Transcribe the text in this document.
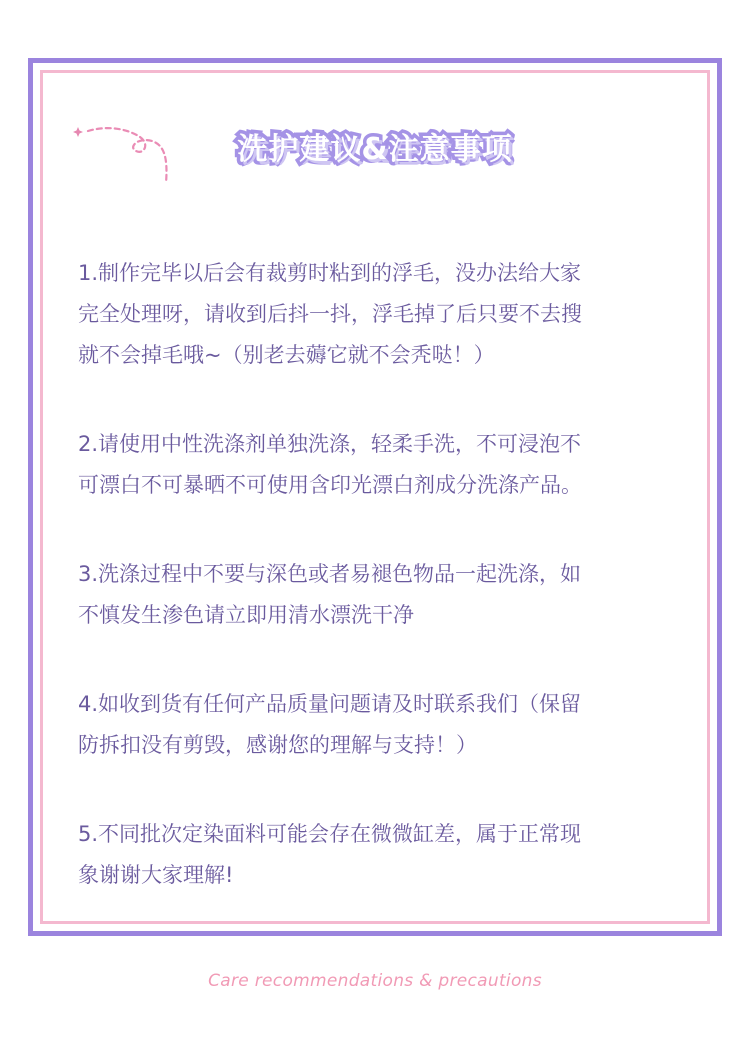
洗护建议&注意事项

1.制作完毕以后会有裁剪时粘到的浮毛，没办法给大家
完全处理呀，请收到后抖一抖，浮毛掉了后只要不去搜
就不会掉毛哦~（别老去薅它就不会秃哒！）

2.请使用中性洗涤剂单独洗涤，轻柔手洗，不可浸泡不
可漂白不可暴晒不可使用含印光漂白剂成分洗涤产品。

3.洗涤过程中不要与深色或者易褪色物品一起洗涤，如
不慎发生渗色请立即用清水漂洗干净

4.如收到货有任何产品质量问题请及时联系我们（保留
防拆扣没有剪毁，感谢您的理解与支持！）

5.不同批次定染面料可能会存在微微缸差，属于正常现
象谢谢大家理解!

Care recommendations & precautions
